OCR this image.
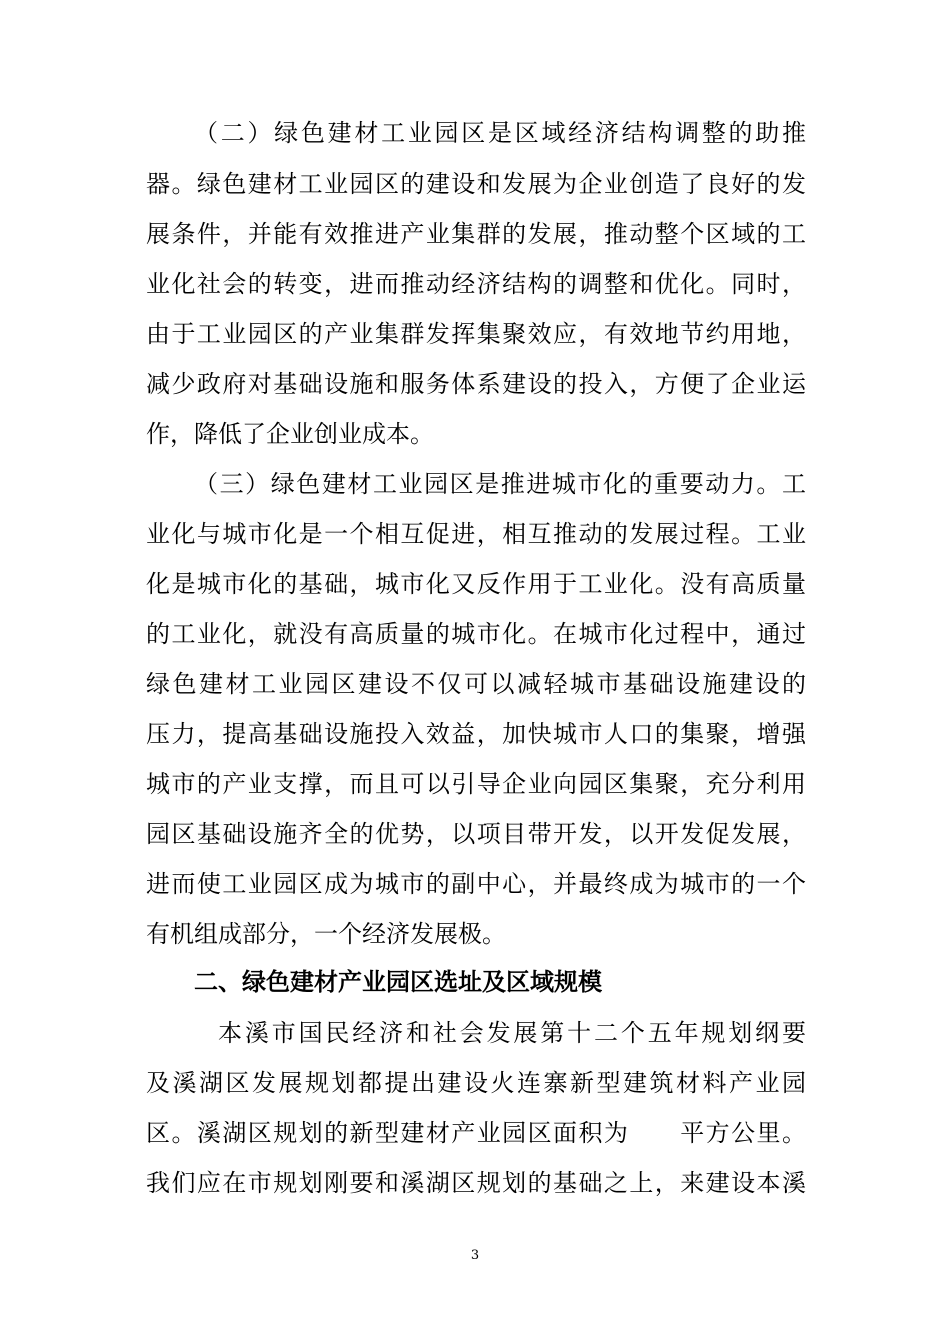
（二）绿色建材工业园区是区域经济结构调整的助推
器。绿色建材工业园区的建设和发展为企业创造了良好的发
展条件，并能有效推进产业集群的发展，推动整个区域的工
业化社会的转变，进而推动经济结构的调整和优化。同时，
由于工业园区的产业集群发挥集聚效应，有效地节约用地，
减少政府对基础设施和服务体系建设的投入，方便了企业运
作，降低了企业创业成本。
（三）绿色建材工业园区是推进城市化的重要动力。工
业化与城市化是一个相互促进，相互推动的发展过程。工业
化是城市化的基础，城市化又反作用于工业化。没有高质量
的工业化，就没有高质量的城市化。在城市化过程中，通过
绿色建材工业园区建设不仅可以减轻城市基础设施建设的
压力，提高基础设施投入效益，加快城市人口的集聚，增强
城市的产业支撑，而且可以引导企业向园区集聚，充分利用
园区基础设施齐全的优势，以项目带开发，以开发促发展，
进而使工业园区成为城市的副中心，并最终成为城市的一个
有机组成部分，一个经济发展极。
二、绿色建材产业园区选址及区域规模
本溪市国民经济和社会发展第十二个五年规划纲要
及溪湖区发展规划都提出建设火连寨新型建筑材料产业园
区。溪湖区规划的新型建材产业园区面积为　　平方公里。
我们应在市规划刚要和溪湖区规划的基础之上，来建设本溪
3
